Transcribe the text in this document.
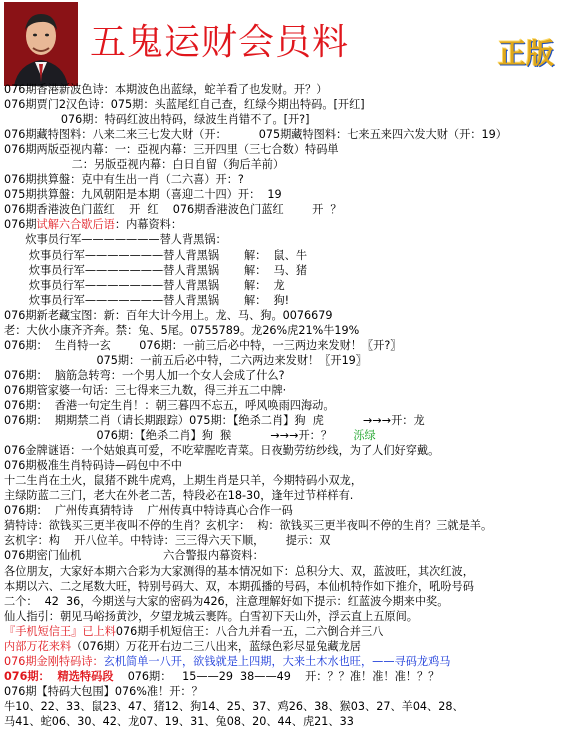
五鬼运财会员料	正版
076期香港新波色诗：本期波色出蓝绿，蛇羊看了也发财。开？）
076期贾门2汉色诗：075期：头蓝尾红自己查，红绿今期出特码。[开红]
076期：特码红波出特码，绿波生肖错不了。[开?]
076期藏特图料：八来二来三七发大财（开：         075期藏特图料：七来五来四六发大财（开：19）
076期两版亞视内幕：一：亞视内幕：三开四里（三七合数）特码単
二：另版亞视内幕：白日自留（狗后羊前）
076期拱算盤：克中有生出一肖（二六喜）开：?
075期拱算盤：九风朝阳是本期（喜迎二十四）开：  19
076期香港波色门蓝红    开  红    076期香港波色门蓝红        开  ？
076期试解六合歇后语：内幕资料：
炊事员行军———————替人背黑锅：
炊事员行军———————替人背黑锅       解：  鼠、牛
炊事员行军———————替人背黑锅       解：  马、猪
炊事员行军———————替人背黑锅       解：  龙
炊事员行军———————替人背黑锅       解：  狗!
076期新老藏宝图：新：百年大计今用上。龙、马、狗。0076679
老：大伙小康齐齐奔。禁：兔、5尾。0755789。龙26%虎21%牛19%
076期：  生肖特一玄        076期：一前三后必中特，一三两边来发财！〖开?〗
075期：一前五后必中特，二六两边来发财！〖开19〗
076期：  脑筋急转弯：一个男人加一个女人会成了什么?
076期管家婆一句话：三七得来三九数，得三并五二中牌·
076期：  香港一句定生肖！：朝三暮四不忘五，呼风唤雨四海动。
076期：  期期禁二肖（请长期跟踪）075期：【绝杀二肖】狗  虎           →→→开：龙
076期：【绝杀二肖】狗  猴           →→→开：？      泺绿
076金牌谜语：一个姑娘真可爱，不吃荤腥吃青菜。日夜勤劳纺纱线，为了人们好穿戴。
076期极准生肖特码诗—码包中不中
十二生肖在土火，鼠猪不跳牛虎鸡，上期生肖是只羊，今期特码小双龙，
主绿防蓝二三门，老大在外老二苦，特段必在18-30，逢年过节样样有.
076期：  广州传真猜特诗    广州传真中特诗真心合作一码
猜特诗：欲钱买三更半夜叫不停的生肖？玄机字：  构：欲钱买三更半夜叫不停的生肖？三就是羊。
玄机字：构    开八位羊。中特诗：三三得六天下顺，      提示：双
076期密门仙机                       六合警报内幕资料：
各位朋友，大家好本期六合彩为大家测得的基本情况如下：总积分大、双，蓝波旺，其次红波，
本期以六、二之尾数大旺，特别号码大、双，本期孤播的号码，本仙机特作如下推介，吼吩号码
二个：  42  36，今期送与大家的密码为426，注意理解好如下提示：红蓝波今期来中奖。
仙人指引：朝见马峪扬黄沙，夕望龙城云裹阵。白雪初下天山外，浮云直上五原间。
『手机短信王』已上料076期手机短信王：八合九并看一五，二六倒合并三八
内部万花来料（076期）万花开右边二三八出来，蓝绿色彩尽显兔藏龙居
076期金刚特码诗：玄机简单一八开，欲钱就是上四期，大来土木水也旺，——寻码龙鸡马
076期：  精选特码段    076期：   15——29  38——49    开：？？准！准！准！？？
076期【特码大包围】076%准！开：？
牛10、22、33、鼠23、47、猪12、狗14、25、37、鸡26、38、猴03、27、羊04、28、
马41、蛇06、30、42、龙07、19、31、兔08、20、44、虎21、33
